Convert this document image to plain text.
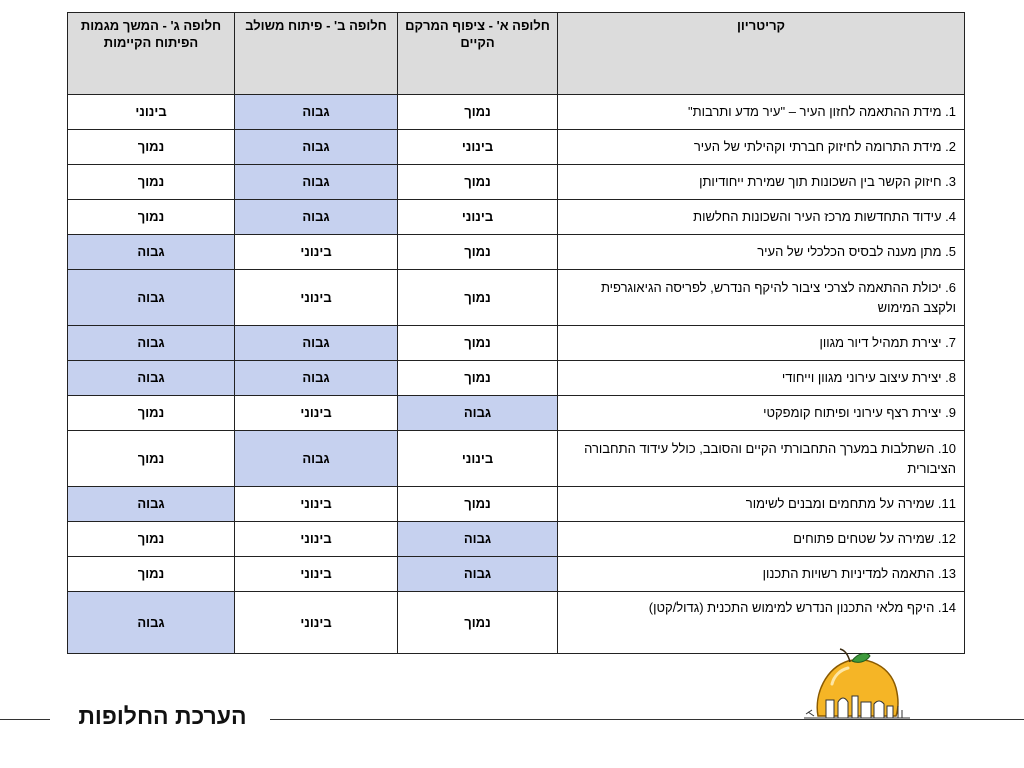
קריטריון	חלופה א' - ציפוף המרקם הקיים	חלופה ב' - פיתוח משולב	חלופה ג' - המשך מגמות הפיתוח הקיימות
1. מידת ההתאמה לחזון העיר – "עיר מדע ותרבות"	נמוך	גבוה	בינוני
2. מידת התרומה לחיזוק חברתי וקהילתי של העיר	בינוני	גבוה	נמוך
3. חיזוק הקשר בין השכונות תוך שמירת ייחודיותן	נמוך	גבוה	נמוך
4. עידוד התחדשות מרכז העיר והשכונות החלשות	בינוני	גבוה	נמוך
5. מתן מענה לבסיס הכלכלי של העיר	נמוך	בינוני	גבוה
6. יכולת ההתאמה לצרכי ציבור להיקף הנדרש, לפריסה הגיאוגרפית ולקצב המימוש	נמוך	בינוני	גבוה
7. יצירת תמהיל דיור מגוון	נמוך	גבוה	גבוה
8. יצירת עיצוב עירוני מגוון וייחודי	נמוך	גבוה	גבוה
9. יצירת רצף עירוני ופיתוח קומפקטי	גבוה	בינוני	נמוך
10. השתלבות במערך התחבורתי הקיים והסובב, כולל עידוד התחבורה הציבורית	בינוני	גבוה	נמוך
11. שמירה על מתחמים ומבנים לשימור	נמוך	בינוני	גבוה
12. שמירה על שטחים פתוחים	גבוה	בינוני	נמוך
13. התאמה למדיניות רשויות התכנון	גבוה	בינוני	נמוך
14. היקף מלאי התכנון הנדרש למימוש התכנית (גדול/קטן)	נמוך	בינוני	גבוה
הערכת החלופות
